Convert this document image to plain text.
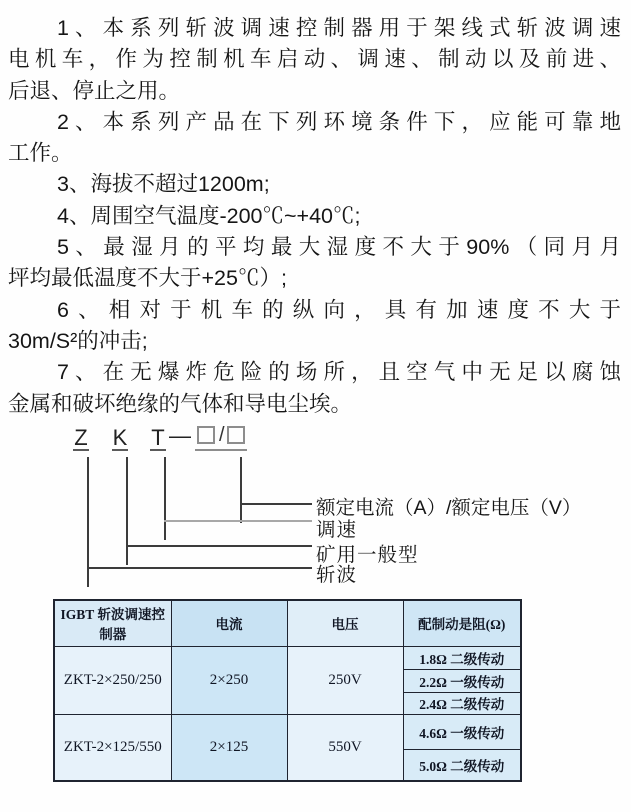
1、本系列斩波调速控制器用于架线式斩波调速
电机车，作为控制机车启动、调速、制动以及前进、
后退、停止之用。
2、本系列产品在下列环境条件下，应能可靠地
工作。
3、海拔不超过1200m;
4、周围空气温度-200℃~+40℃;
5、最湿月的平均最大湿度不大于90%（同月月
坪均最低温度不大于+25℃）;
6、相对于机车的纵向，具有加速度不大于
30m/S²的冲击;
7、在无爆炸危险的场所，且空气中无足以腐蚀
金属和破坏绝缘的气体和导电尘埃。
Z K T — /
额定电流（A）/额定电压（V）
调速
矿用一般型
斩波
IGBT 斩波调速控制器	电流	电压	配制动是阻(Ω)
ZKT-2×250/250	2×250	250V	1.8Ω 二级传动
			2.2Ω 一级传动
			2.4Ω 二级传动
ZKT-2×125/550	2×125	550V	4.6Ω 一级传动
			5.0Ω 二级传动
